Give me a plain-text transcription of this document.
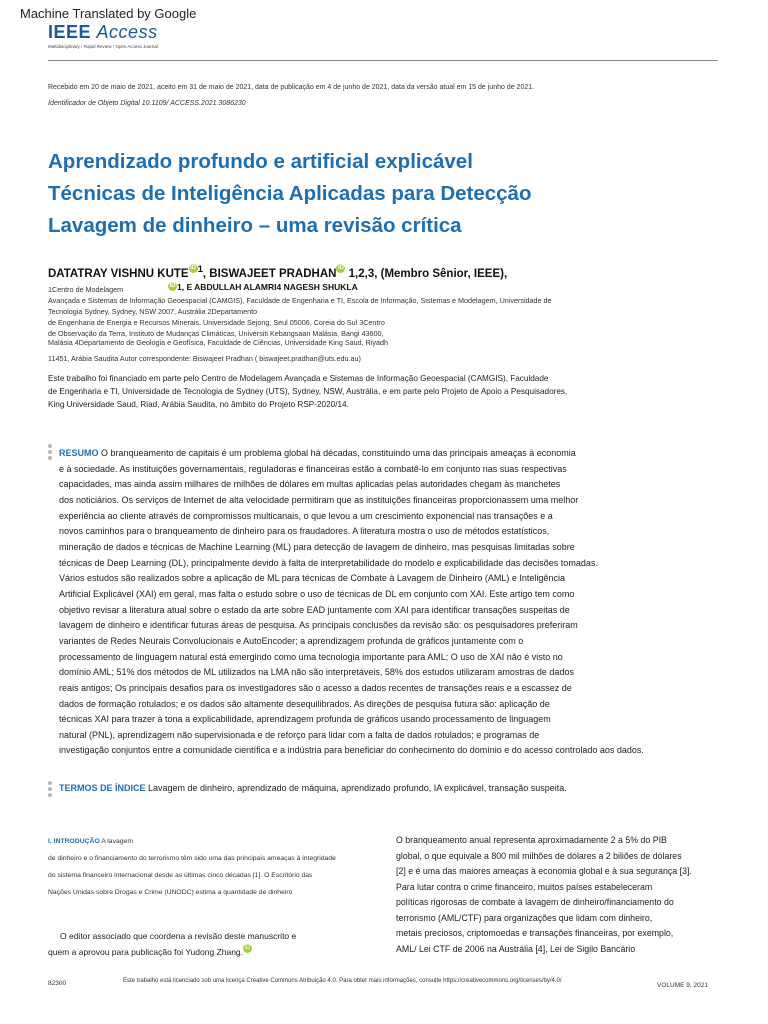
Machine Translated by Google
IEEE Access
Multidisciplinary ⁝ Rapid Review ⁝ Open Access Journal
Recebido em 20 de maio de 2021, aceito em 31 de maio de 2021, data de publicação em 4 de junho de 2021, data da versão atual em 15 de junho de 2021.
Identificador de Objeto Digital 10.1109/ ACCESS.2021.3086230
Aprendizado profundo e artificial explicável
Técnicas de Inteligência Aplicadas para Detecção
Lavagem de dinheiro – uma revisão crítica
DATATRAY VISHNU KUTE iD $^1$, BISWAJEET PRADHAN iD 1,2,3, (Membro Sênior, IEEE),
iD 1, E ABDULLAH ALAMRI4 NAGESH SHUKLA
1Centro de Modelagem
Avançada e Sistemas de Informação Geoespacial (CAMGIS), Faculdade de Engenharia e TI, Escola de Informação, Sistemas e Modelagem, Universidade de
Tecnologia Sydney, Sydney, NSW 2007, Austrália 2Departamento
de Engenharia de Energia e Recursos Minerais, Universidade Sejong, Seul 05006, Coreia do Sul 3Centro
de Observação da Terra, Instituto de Mudanças Climáticas, Universiti Kebangsaan Malásia, Bangi 43600,
Malásia 4Departamento de Geologia e Geofísica, Faculdade de Ciências, Universidade King Saud, Riyadh
11451, Arábia Saudita Autor correspondente: Biswajeet Pradhan ( biswajeet.pradhan@uts.edu.au)
Este trabalho foi financiado em parte pelo Centro de Modelagem Avançada e Sistemas de Informação Geoespacial (CAMGIS), Faculdade
de Engenharia e TI, Universidade de Tecnologia de Sydney (UTS), Sydney, NSW, Austrália, e em parte pelo Projeto de Apoio a Pesquisadores,
King Universidade Saud, Riad, Arábia Saudita, no âmbito do Projeto RSP-2020/14.
RESUMO O branqueamento de capitais é um problema global há décadas, constituindo uma das principais ameaças à economia
e à sociedade. As instituições governamentais, reguladoras e financeiras estão a combatê-lo em conjunto nas suas respectivas
capacidades, mas ainda assim milhares de milhões de dólares em multas aplicadas pelas autoridades chegam às manchetes
dos noticiários. Os serviços de Internet de alta velocidade permitiram que as instituições financeiras proporcionassem uma melhor
experiência ao cliente através de compromissos multicanais, o que levou a um crescimento exponencial nas transações e a
novos caminhos para o branqueamento de dinheiro para os fraudadores. A literatura mostra o uso de métodos estatísticos,
mineração de dados e técnicas de Machine Learning (ML) para detecção de lavagem de dinheiro, mas pesquisas limitadas sobre
técnicas de Deep Learning (DL), principalmente devido à falta de interpretabilidade do modelo e explicabilidade das decisões tomadas.
Vários estudos são realizados sobre a aplicação de ML para técnicas de Combate à Lavagem de Dinheiro (AML) e Inteligência
Artificial Explicável (XAI) em geral, mas falta o estudo sobre o uso de técnicas de DL em conjunto com XAI. Este artigo tem como
objetivo revisar a literatura atual sobre o estado da arte sobre EAD juntamente com XAI para identificar transações suspeitas de
lavagem de dinheiro e identificar futuras áreas de pesquisa. As principais conclusões da revisão são: os pesquisadores preferiram
variantes de Redes Neurais Convolucionais e AutoEncoder; a aprendizagem profunda de gráficos juntamente com o
processamento de linguagem natural está emergindo como uma tecnologia importante para AML; O uso de XAI não é visto no
domínio AML; 51% dos métodos de ML utilizados na LMA não são interpretáveis, 58% dos estudos utilizaram amostras de dados
reais antigos; Os principais desafios para os investigadores são o acesso a dados recentes de transações reais e a escassez de
dados de formação rotulados; e os dados são altamente desequilibrados. As direções de pesquisa futura são: aplicação de
técnicas XAI para trazer à tona a explicabilidade, aprendizagem profunda de gráficos usando processamento de linguagem
natural (PNL), aprendizagem não supervisionada e de reforço para lidar com a falta de dados rotulados; e programas de
investigação conjuntos entre a comunidade científica e a indústria para beneficiar do conhecimento do domínio e do acesso controlado aos dados.
TERMOS DE ÍNDICE Lavagem de dinheiro, aprendizado de máquina, aprendizado profundo, IA explicável, transação suspeita.
I. INTRODUÇÃO A lavagem
de dinheiro e o financiamento do terrorismo têm sido uma das principais ameaças à integridade
do sistema financeiro internacional desde as últimas cinco décadas [1]. O Escritório das
Nações Unidas sobre Drogas e Crime (UNODC) estima a quantidade de dinheiro
O editor associado que coordena a revisão deste manuscrito e
quem a aprovou para publicação foi Yudong Zhang. iD
O branqueamento anual representa aproximadamente 2 a 5% do PIB
global, o que equivale a 800 mil milhões de dólares a 2 biliões de dólares
[2] e é uma das maiores ameaças à economia global e à sua segurança [3].
Para lutar contra o crime financeiro, muitos países estabeleceram
políticas rigorosas de combate à lavagem de dinheiro/financiamento do
terrorismo (AML/CTF) para organizações que lidam com dinheiro,
metais preciosos, criptomoedas e transações financeiras, por exemplo,
AML/ Lei CTF de 2006 na Austrália [4], Lei de Sigilo Bancário
82300	Este trabalho está licenciado sob uma licença Creative Commons Atribuição 4.0. Para obter mais informações, consulte https://creativecommons.org/licenses/by/4.0/
VOLUME 9, 2021
